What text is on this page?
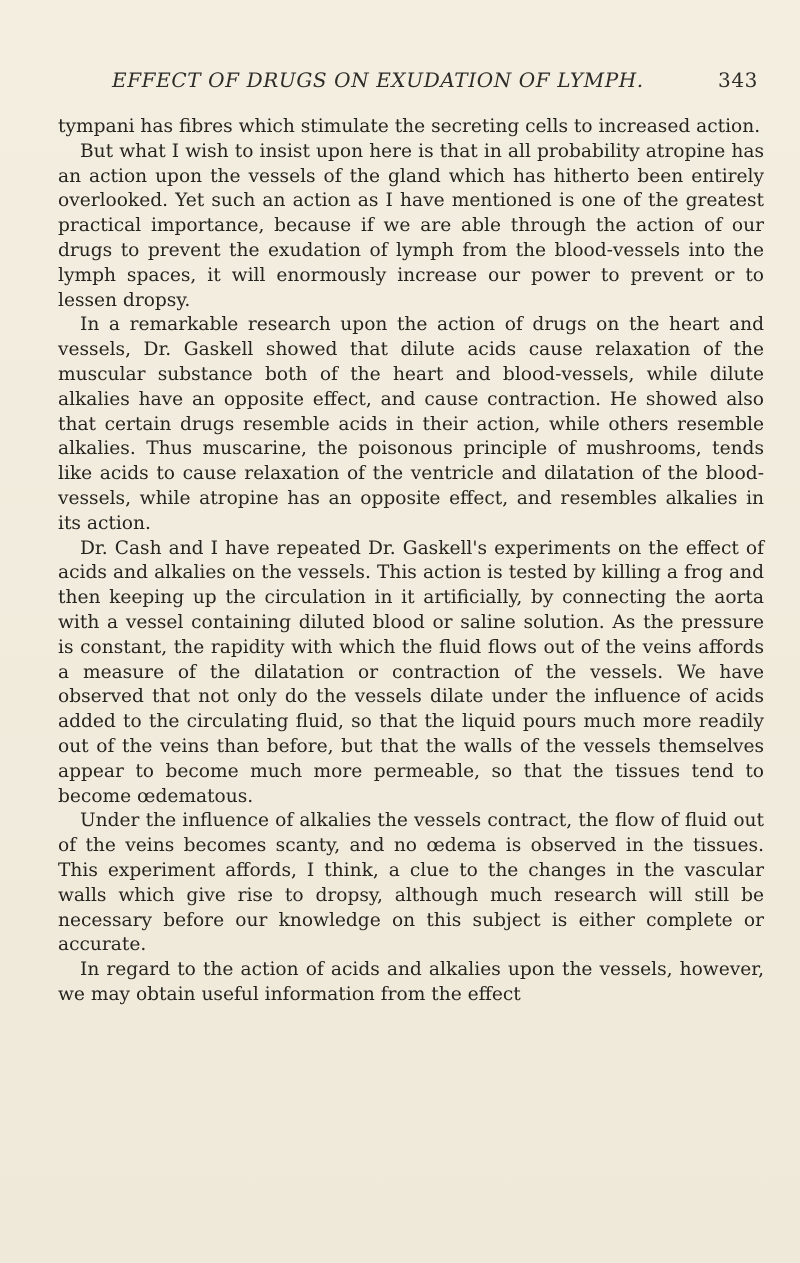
EFFECT OF DRUGS ON EXUDATION OF LYMPH.	343

tympani has fibres which stimulate the secreting cells to increased action.

But what I wish to insist upon here is that in all probability atropine has an action upon the vessels of the gland which has hitherto been entirely overlooked. Yet such an action as I have mentioned is one of the greatest practical importance, because if we are able through the action of our drugs to prevent the exudation of lymph from the blood-vessels into the lymph spaces, it will enormously increase our power to prevent or to lessen dropsy.

In a remarkable research upon the action of drugs on the heart and vessels, Dr. Gaskell showed that dilute acids cause relaxation of the muscular substance both of the heart and blood-vessels, while dilute alkalies have an opposite effect, and cause contraction. He showed also that certain drugs resemble acids in their action, while others resemble alkalies. Thus muscarine, the poisonous principle of mushrooms, tends like acids to cause relaxation of the ventricle and dilatation of the blood-vessels, while atropine has an opposite effect, and resembles alkalies in its action.

Dr. Cash and I have repeated Dr. Gaskell's experiments on the effect of acids and alkalies on the vessels. This action is tested by killing a frog and then keeping up the circulation in it artificially, by connecting the aorta with a vessel containing diluted blood or saline solution. As the pressure is constant, the rapidity with which the fluid flows out of the veins affords a measure of the dilatation or contraction of the vessels. We have observed that not only do the vessels dilate under the influence of acids added to the circulating fluid, so that the liquid pours much more readily out of the veins than before, but that the walls of the vessels themselves appear to become much more permeable, so that the tissues tend to become œdematous.

Under the influence of alkalies the vessels contract, the flow of fluid out of the veins becomes scanty, and no œdema is observed in the tissues. This experiment affords, I think, a clue to the changes in the vascular walls which give rise to dropsy, although much research will still be necessary before our knowledge on this subject is either complete or accurate.

In regard to the action of acids and alkalies upon the vessels, however, we may obtain useful information from the effect
